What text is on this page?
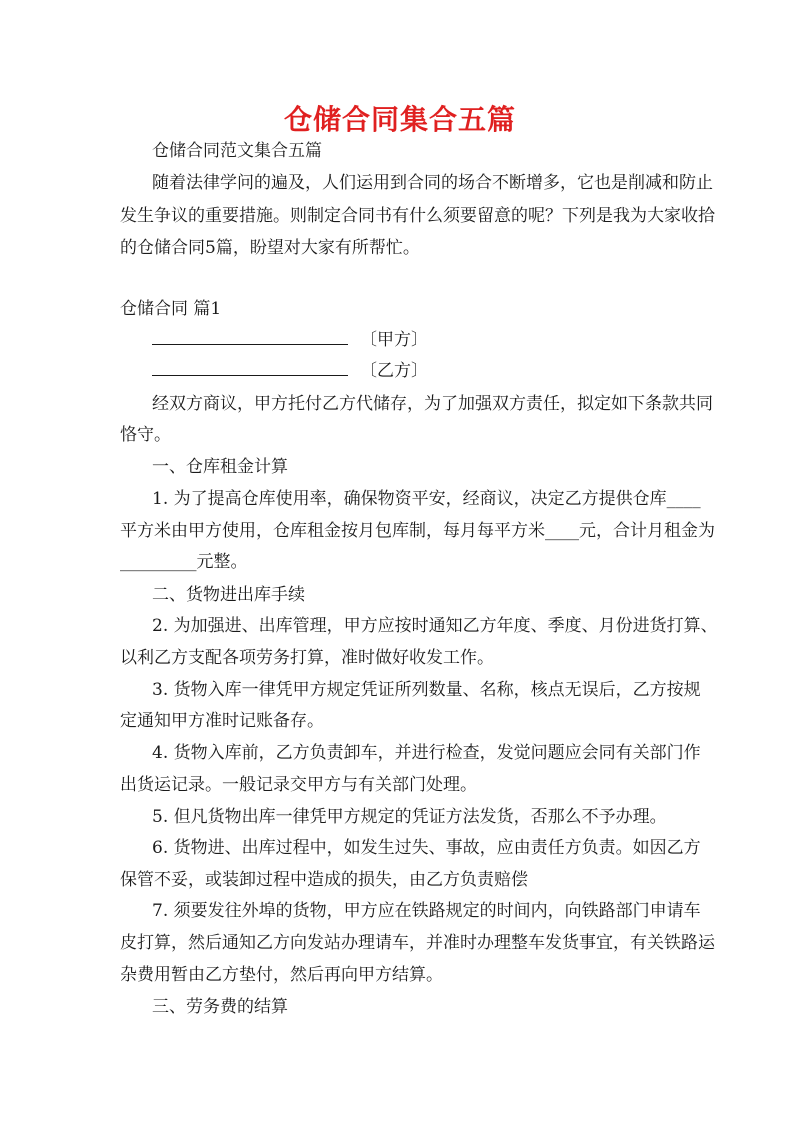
仓储合同集合五篇
仓储合同范文集合五篇
随着法律学问的遍及，人们运用到合同的场合不断增多，它也是削减和防止
发生争议的重要措施。则制定合同书有什么须要留意的呢？下列是我为大家收拾
的仓储合同5篇，盼望对大家有所帮忙。
仓储合同 篇1
〔甲方〕
〔乙方〕
经双方商议，甲方托付乙方代储存，为了加强双方责任，拟定如下条款共同
恪守。
一、仓库租金计算
1. 为了提高仓库使用率，确保物资平安，经商议，决定乙方提供仓库____
平方米由甲方使用，仓库租金按月包库制，每月每平方米____元，合计月租金为
_________元整。
二、货物进出库手续
2. 为加强进、出库管理，甲方应按时通知乙方年度、季度、月份进货打算、
以利乙方支配各项劳务打算，准时做好收发工作。
3. 货物入库一律凭甲方规定凭证所列数量、名称，核点无误后，乙方按规
定通知甲方准时记账备存。
4. 货物入库前，乙方负责卸车，并进行检查，发觉问题应会同有关部门作
出货运记录。一般记录交甲方与有关部门处理。
5. 但凡货物出库一律凭甲方规定的凭证方法发货，否那么不予办理。
6. 货物进、出库过程中，如发生过失、事故，应由责任方负责。如因乙方
保管不妥，或装卸过程中造成的损失，由乙方负责赔偿
7. 须要发往外埠的货物，甲方应在铁路规定的时间内，向铁路部门申请车
皮打算，然后通知乙方向发站办理请车，并准时办理整车发货事宜，有关铁路运
杂费用暂由乙方垫付，然后再向甲方结算。
三、劳务费的结算
